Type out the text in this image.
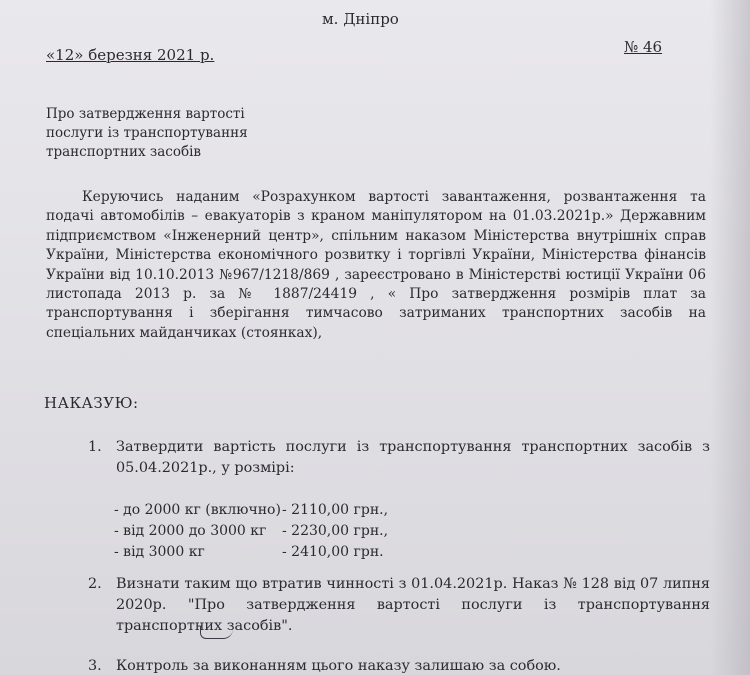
м. Дніпро
«12» березня 2021 р.	№ 46
Про затвердження вартості
послуги із транспортування
транспортних засобів

Керуючись наданим «Розрахунком вартості завантаження, розвантаження та подачі автомобілів – евакуаторів з краном маніпулятором на 01.03.2021р.» Державним підприємством «Інженерний центр», спільним наказом Міністерства внутрішніх справ України, Міністерства економічного розвитку і торгівлі України, Міністерства фінансів України від 10.10.2013 №967/1218/869 , зареєстровано в Міністерстві юстиції України 06 листопада 2013 р. за № 1887/24419 , « Про затвердження розмірів плат за транспортування і зберігання тимчасово затриманих транспортних засобів на спеціальних майданчиках (стоянках),

НАКАЗУЮ:
1. Затвердити вартість послуги із транспортування транспортних засобів з 05.04.2021р., у розмірі:
- до 2000 кг (включно) - 2110,00 грн.,
- від 2000 до 3000 кг	- 2230,00 грн.,
- від 3000 кг	- 2410,00 грн.
2. Визнати таким що втратив чинності з 01.04.2021р. Наказ № 128 від 07 липня 2020р. "Про затвердження вартості послуги із транспортування транспортних засобів".
3. Контроль за виконанням цього наказу залишаю за собою.
